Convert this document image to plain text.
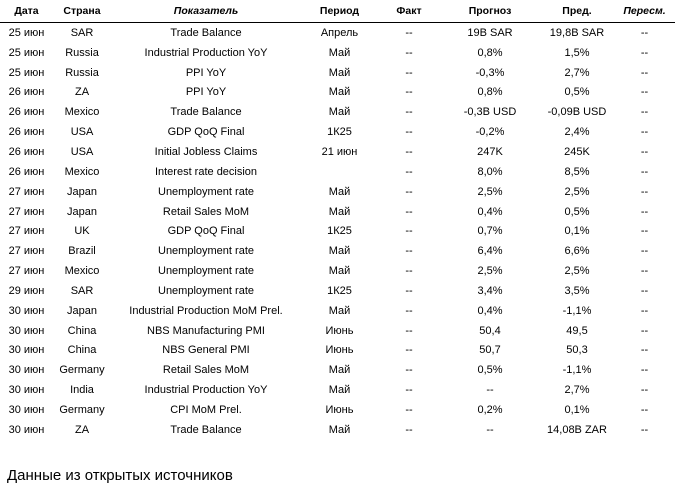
Дата	Страна	Показатель	Период	Факт	Прогноз	Пред.	Пересм.
25 июн	SAR	Trade Balance	Апрель	--	19B SAR	19,8B SAR	--
25 июн	Russia	Industrial Production YoY	Май	--	0,8%	1,5%	--
25 июн	Russia	PPI YoY	Май	--	-0,3%	2,7%	--
26 июн	ZA	PPI YoY	Май	--	0,8%	0,5%	--
26 июн	Mexico	Trade Balance	Май	--	-0,3B USD	-0,09B USD	--
26 июн	USA	GDP QoQ Final	1К25	--	-0,2%	2,4%	--
26 июн	USA	Initial Jobless Claims	21 июн	--	247K	245K	--
26 июн	Mexico	Interest rate decision		--	8,0%	8,5%	--
27 июн	Japan	Unemployment rate	Май	--	2,5%	2,5%	--
27 июн	Japan	Retail Sales MoM	Май	--	0,4%	0,5%	--
27 июн	UK	GDP QoQ Final	1К25	--	0,7%	0,1%	--
27 июн	Brazil	Unemployment rate	Май	--	6,4%	6,6%	--
27 июн	Mexico	Unemployment rate	Май	--	2,5%	2,5%	--
29 июн	SAR	Unemployment rate	1К25	--	3,4%	3,5%	--
30 июн	Japan	Industrial Production MoM Prel.	Май	--	0,4%	-1,1%	--
30 июн	China	NBS Manufacturing PMI	Июнь	--	50,4	49,5	--
30 июн	China	NBS General PMI	Июнь	--	50,7	50,3	--
30 июн	Germany	Retail Sales MoM	Май	--	0,5%	-1,1%	--
30 июн	India	Industrial Production YoY	Май	--	--	2,7%	--
30 июн	Germany	CPI MoM Prel.	Июнь	--	0,2%	0,1%	--
30 июн	ZA	Trade Balance	Май	--	--	14,08B ZAR	--
Данные из открытых источников
